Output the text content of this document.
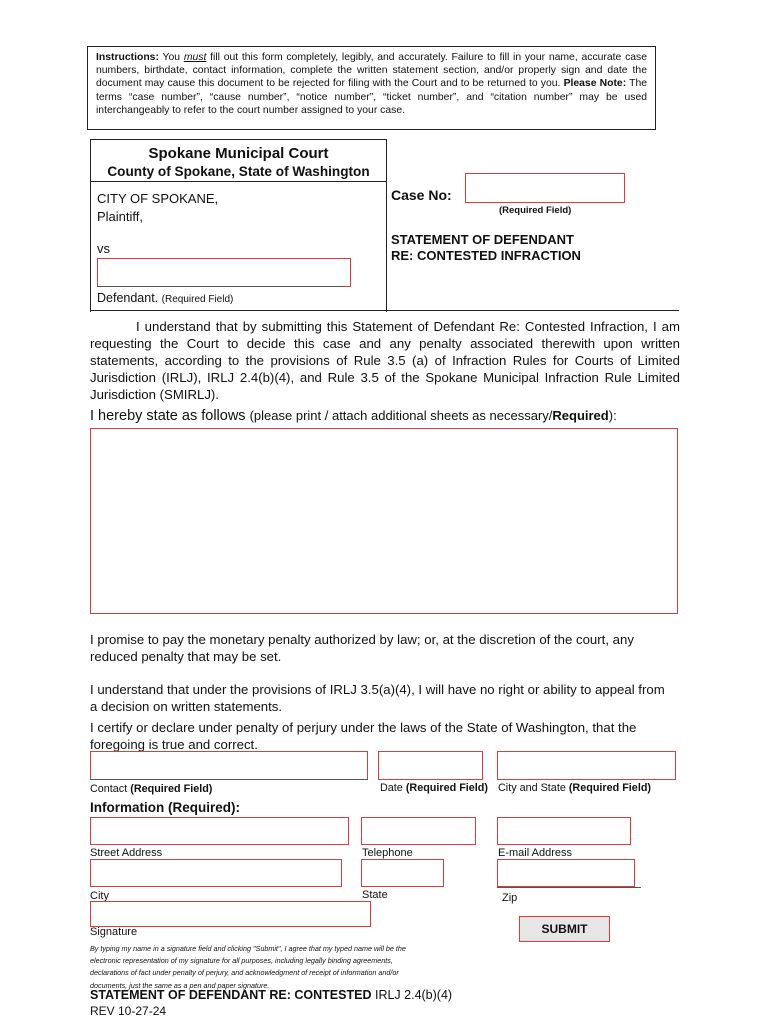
Instructions: You must fill out this form completely, legibly, and accurately. Failure to fill in your name, accurate case numbers, birthdate, contact information, complete the written statement section, and/or properly sign and date the document may cause this document to be rejected for filing with the Court and to be returned to you. Please Note: The terms “case number”, “cause number”, “notice number”, “ticket number”, and “citation number” may be used interchangeably to refer to the court number assigned to your case.
Spokane Municipal Court
County of Spokane, State of Washington
CITY OF SPOKANE,
Plaintiff,
vs
Defendant. (Required Field)
Case No:
(Required Field)
STATEMENT OF DEFENDANT
RE: CONTESTED INFRACTION
I understand that by submitting this Statement of Defendant Re: Contested Infraction, I am requesting the Court to decide this case and any penalty associated therewith upon written statements, according to the provisions of Rule 3.5 (a) of Infraction Rules for Courts of Limited Jurisdiction (IRLJ), IRLJ 2.4(b)(4), and Rule 3.5 of the Spokane Municipal Infraction Rule Limited Jurisdiction (SMIRLJ).
I hereby state as follows (please print / attach additional sheets as necessary/Required):
I promise to pay the monetary penalty authorized by law; or, at the discretion of the court, any reduced penalty that may be set.
I understand that under the provisions of IRLJ 3.5(a)(4), I will have no right or ability to appeal from a decision on written statements.
I certify or declare under penalty of perjury under the laws of the State of Washington, that the foregoing is true and correct.
Contact (Required Field)	Date (Required Field) City and State (Required Field)
Information (Required):
Street Address	Telephone	E-mail Address
City	State	Zip
Signature	SUBMIT
By typing my name in a signature field and clicking "Submit", I agree that my typed name will be the
electronic representation of my signature for all purposes, including legally binding agreements,
declarations of fact under penalty of perjury, and acknowledgment of receipt of information and/or
documents, just the same as a pen and paper signature.
STATEMENT OF DEFENDANT RE: CONTESTED IRLJ 2.4(b)(4)
REV 10-27-24
